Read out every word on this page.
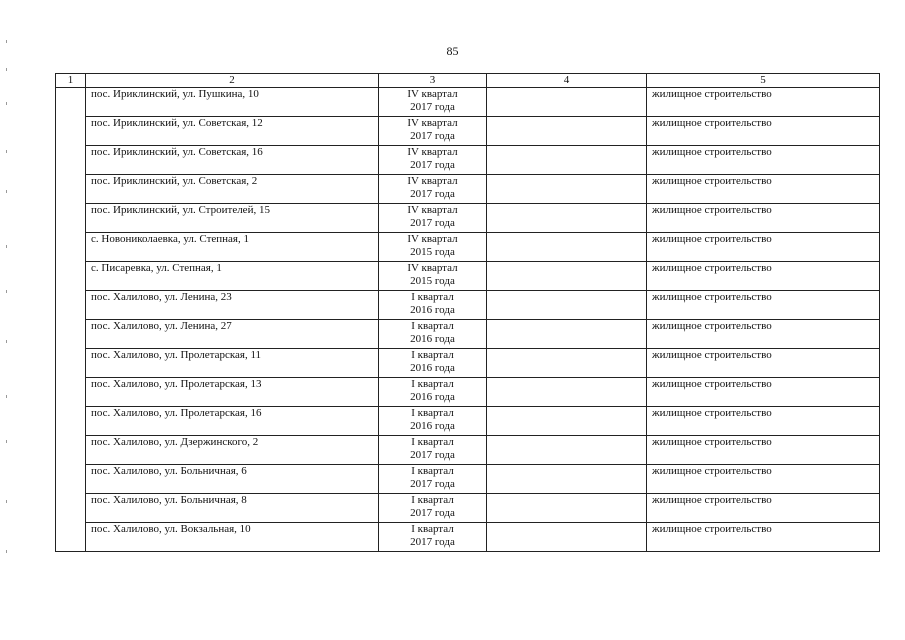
85
1	2	3	4	5
	пос. Ириклинский, ул. Пушкина, 10	IV квартал
2017 года		жилищное строительство
	пос. Ириклинский, ул. Советская, 12	IV квартал
2017 года		жилищное строительство
	пос. Ириклинский, ул. Советская, 16	IV квартал
2017 года		жилищное строительство
	пос. Ириклинский, ул. Советская, 2	IV квартал
2017 года		жилищное строительство
	пос. Ириклинский, ул. Строителей, 15	IV квартал
2017 года		жилищное строительство
	с. Новониколаевка, ул. Степная, 1	IV квартал
2015 года		жилищное строительство
	с. Писаревка, ул. Степная, 1	IV квартал
2015 года		жилищное строительство
	пос. Халилово, ул. Ленина, 23	I квартал
2016 года		жилищное строительство
	пос. Халилово, ул. Ленина, 27	I квартал
2016 года		жилищное строительство
	пос. Халилово, ул. Пролетарская, 11	I квартал
2016 года		жилищное строительство
	пос. Халилово, ул. Пролетарская, 13	I квартал
2016 года		жилищное строительство
	пос. Халилово, ул. Пролетарская, 16	I квартал
2016 года		жилищное строительство
	пос. Халилово, ул. Дзержинского, 2	I квартал
2017 года		жилищное строительство
	пос. Халилово, ул. Больничная, 6	I квартал
2017 года		жилищное строительство
	пос. Халилово, ул. Больничная, 8	I квартал
2017 года		жилищное строительство
	пос. Халилово, ул. Вокзальная, 10	I квартал
2017 года		жилищное строительство
